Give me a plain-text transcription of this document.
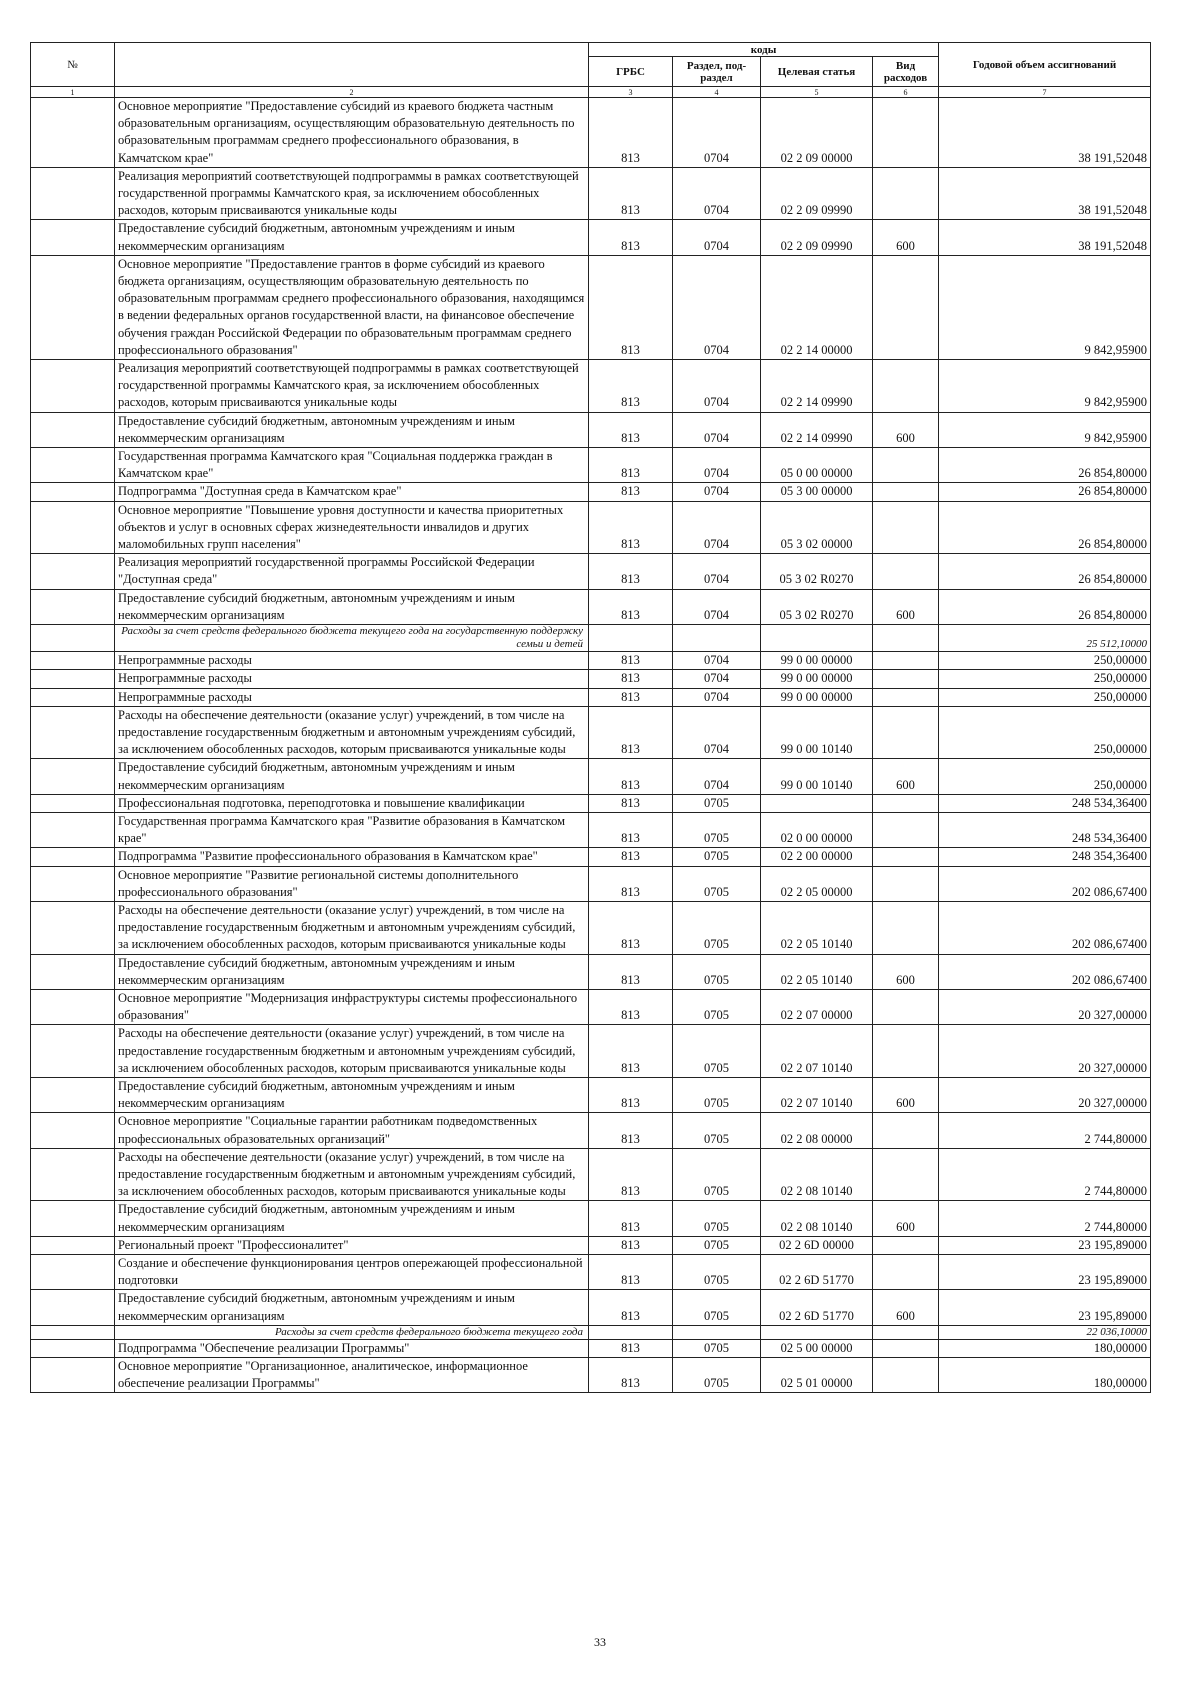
№		коды				Годовой объем ассигнований
		ГРБС	Раздел, под-раздел	Целевая статья	Вид расходов	
1	2	3	4	5	6	7
	Основное мероприятие "Предоставление субсидий из краевого бюджета частным образовательным организациям, осуществляющим образовательную деятельность по образовательным программам среднего профессионального образования, в Камчатском крае"	813	0704	02 2 09 00000		38 191,52048
	Реализация мероприятий соответствующей подпрограммы в рамках соответствующей государственной программы Камчатского края, за исключением обособленных расходов, которым присваиваются уникальные коды	813	0704	02 2 09 09990		38 191,52048
	Предоставление субсидий бюджетным, автономным учреждениям и иным некоммерческим организациям	813	0704	02 2 09 09990	600	38 191,52048
	Основное мероприятие "Предоставление грантов в форме субсидий из краевого бюджета организациям, осуществляющим образовательную деятельность по образовательным программам среднего профессионального образования, находящимся в ведении федеральных органов государственной власти, на финансовое обеспечение обучения граждан Российской Федерации по образовательным программам среднего профессионального образования"	813	0704	02 2 14 00000		9 842,95900
	Реализация мероприятий соответствующей подпрограммы в рамках соответствующей государственной программы Камчатского края, за исключением обособленных расходов, которым присваиваются уникальные коды	813	0704	02 2 14 09990		9 842,95900
	Предоставление субсидий бюджетным, автономным учреждениям и иным некоммерческим организациям	813	0704	02 2 14 09990	600	9 842,95900
	Государственная программа Камчатского края "Социальная поддержка граждан в Камчатском крае"	813	0704	05 0 00 00000		26 854,80000
	Подпрограмма "Доступная среда в Камчатском крае"	813	0704	05 3 00 00000		26 854,80000
	Основное мероприятие "Повышение уровня доступности и качества приоритетных объектов и услуг в основных сферах жизнедеятельности инвалидов и других маломобильных групп населения"	813	0704	05 3 02 00000		26 854,80000
	Реализация мероприятий государственной программы Российской Федерации "Доступная среда"	813	0704	05 3 02 R0270		26 854,80000
	Предоставление субсидий бюджетным, автономным учреждениям и иным некоммерческим организациям	813	0704	05 3 02 R0270	600	26 854,80000
	Расходы за счет средств федерального бюджета текущего года на государственную поддержку семьи и детей					25 512,10000
	Непрограммные расходы	813	0704	99 0 00 00000		250,00000
	Непрограммные расходы	813	0704	99 0 00 00000		250,00000
	Непрограммные расходы	813	0704	99 0 00 00000		250,00000
	Расходы на обеспечение деятельности (оказание услуг) учреждений, в том числе на предоставление государственным бюджетным и автономным учреждениям субсидий, за исключением обособленных расходов, которым присваиваются уникальные коды	813	0704	99 0 00 10140		250,00000
	Предоставление субсидий бюджетным, автономным учреждениям и иным некоммерческим организациям	813	0704	99 0 00 10140	600	250,00000
	Профессиональная подготовка, переподготовка и повышение квалификации	813	0705			248 534,36400
	Государственная программа Камчатского края "Развитие образования в Камчатском крае"	813	0705	02 0 00 00000		248 534,36400
	Подпрограмма "Развитие профессионального образования в Камчатском крае"	813	0705	02 2 00 00000		248 354,36400
	Основное мероприятие "Развитие региональной системы дополнительного профессионального образования"	813	0705	02 2 05 00000		202 086,67400
	Расходы на обеспечение деятельности (оказание услуг) учреждений, в том числе на предоставление государственным бюджетным и автономным учреждениям субсидий, за исключением обособленных расходов, которым присваиваются уникальные коды	813	0705	02 2 05 10140		202 086,67400
	Предоставление субсидий бюджетным, автономным учреждениям и иным некоммерческим организациям	813	0705	02 2 05 10140	600	202 086,67400
	Основное мероприятие "Модернизация инфраструктуры системы профессионального образования"	813	0705	02 2 07 00000		20 327,00000
	Расходы на обеспечение деятельности (оказание услуг) учреждений, в том числе на предоставление государственным бюджетным и автономным учреждениям субсидий, за исключением обособленных расходов, которым присваиваются уникальные коды	813	0705	02 2 07 10140		20 327,00000
	Предоставление субсидий бюджетным, автономным учреждениям и иным некоммерческим организациям	813	0705	02 2 07 10140	600	20 327,00000
	Основное мероприятие "Социальные гарантии работникам подведомственных профессиональных образовательных организаций"	813	0705	02 2 08 00000		2 744,80000
	Расходы на обеспечение деятельности (оказание услуг) учреждений, в том числе на предоставление государственным бюджетным и автономным учреждениям субсидий, за исключением обособленных расходов, которым присваиваются уникальные коды	813	0705	02 2 08 10140		2 744,80000
	Предоставление субсидий бюджетным, автономным учреждениям и иным некоммерческим организациям	813	0705	02 2 08 10140	600	2 744,80000
	Региональный проект "Профессионалитет"	813	0705	02 2 6D 00000		23 195,89000
	Создание и обеспечение функционирования центров опережающей профессиональной подготовки	813	0705	02 2 6D 51770		23 195,89000
	Предоставление субсидий бюджетным, автономным учреждениям и иным некоммерческим организациям	813	0705	02 2 6D 51770	600	23 195,89000
	Расходы за счет средств федерального бюджета текущего года					22 036,10000
	Подпрограмма "Обеспечение реализации Программы"	813	0705	02 5 00 00000		180,00000
	Основное мероприятие "Организационное, аналитическое, информационное обеспечение реализации Программы"	813	0705	02 5 01 00000		180,00000
33
